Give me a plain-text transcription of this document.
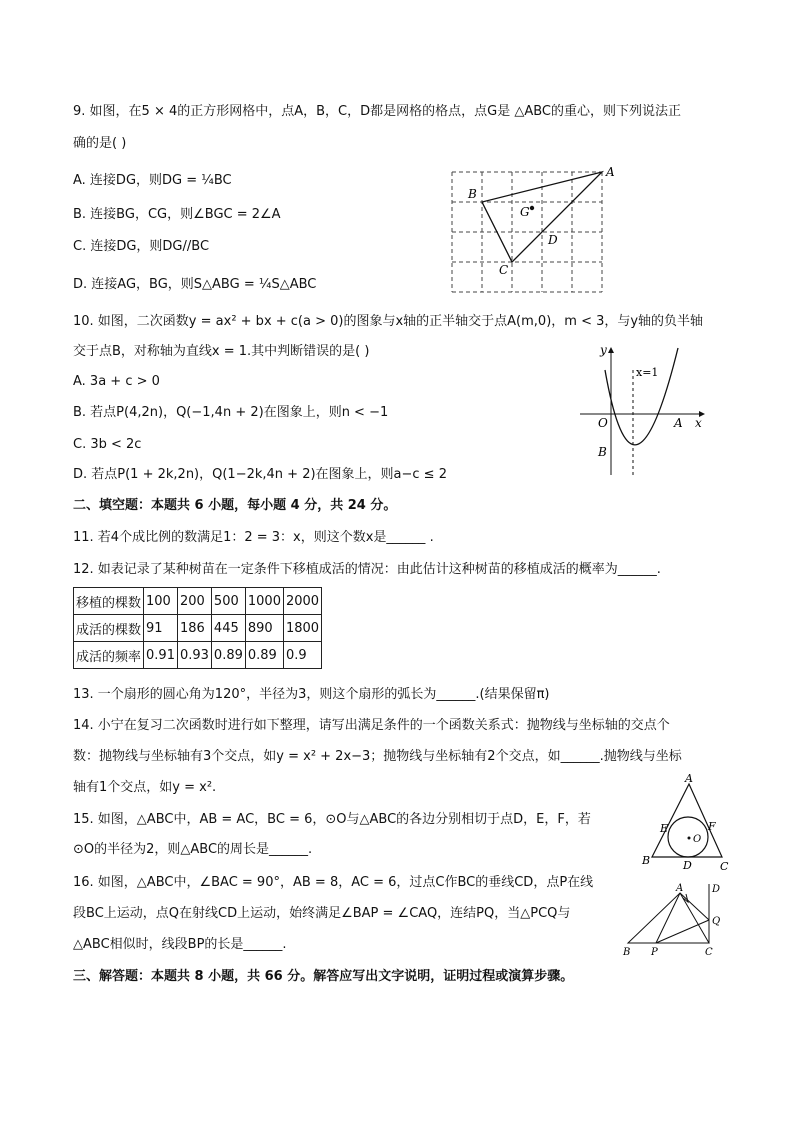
9. 如图，在5 × 4的正方形网格中，点A，B，C，D都是网格的格点，点G是 △ABC的重心，则下列说法正
确的是( )
A. 连接DG，则DG = ¼BC
B. 连接BG，CG，则∠BGC = 2∠A
C. 连接DG，则DG//BC
D. 连接AG，BG，则S△ABG = ¼S△ABC
A
B
C
D
G
10. 如图，二次函数y = ax² + bx + c(a > 0)的图象与x轴的正半轴交于点A(m,0)，m < 3，与y轴的负半轴
交于点B，对称轴为直线x = 1.其中判断错误的是( )
A. 3a + c > 0
B. 若点P(4,2n)，Q(−1,4n + 2)在图象上，则n < −1
C. 3b < 2c
D. 若点P(1 + 2k,2n)，Q(1−2k,4n + 2)在图象上，则a−c ≤ 2
y
x
O	A
B
x=1
二、填空题：本题共 6 小题，每小题 4 分，共 24 分。
11. 若4个成比例的数满足1：2 = 3：x，则这个数x是______ .
12. 如表记录了某种树苗在一定条件下移植成活的情况：由此估计这种树苗的移植成活的概率为______.
移植的棵数	100	200	500	1000	2000
成活的棵数	91	186	445	890	1800
成活的频率	0.91	0.93	0.89	0.89	0.9
13. 一个扇形的圆心角为120°，半径为3，则这个扇形的弧长为______.(结果保留π)
14. 小宁在复习二次函数时进行如下整理，请写出满足条件的一个函数关系式：抛物线与坐标轴的交点个
数：抛物线与坐标轴有3个交点，如y = x² + 2x−3；抛物线与坐标轴有2个交点，如______.抛物线与坐标
轴有1个交点，如y = x².
15. 如图，△ABC中，AB = AC，BC = 6，⊙O与△ABC的各边分别相切于点D，E，F，若
⊙O的半径为2，则△ABC的周长是______.
A
B	C
D
E	F
O
16. 如图，△ABC中，∠BAC = 90°，AB = 8，AC = 6，过点C作BC的垂线CD，点P在线
段BC上运动，点Q在射线CD上运动，始终满足∠BAP = ∠CAQ，连结PQ，当△PCQ与
△ABC相似时，线段BP的长是______.
A
B P	C
D
Q
三、解答题：本题共 8 小题，共 66 分。解答应写出文字说明，证明过程或演算步骤。
